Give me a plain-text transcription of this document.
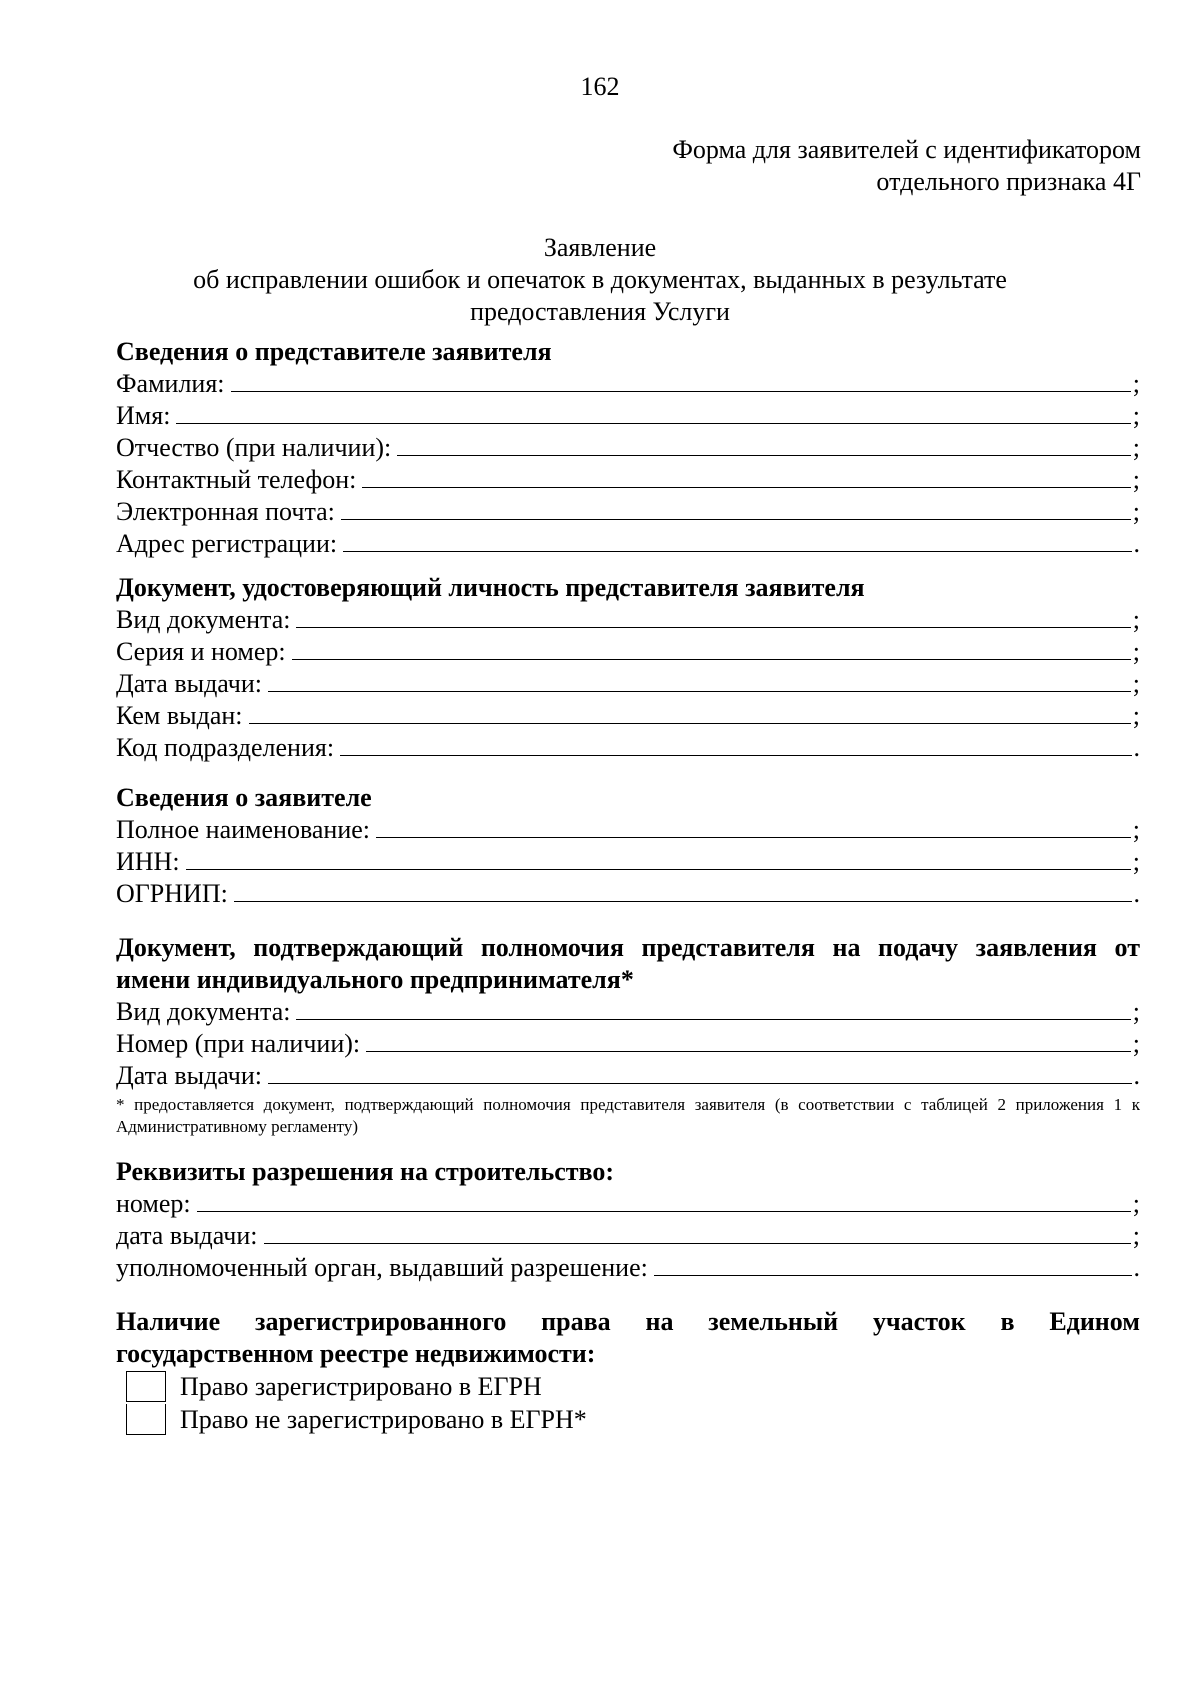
162
Форма для заявителей с идентификатором
отдельного признака 4Г
Заявление
об исправлении ошибок и опечаток в документах, выданных в результате
предоставления Услуги
Сведения о представителе заявителя
Фамилия:	;
Имя:	;
Отчество (при наличии):	;
Контактный телефон:	;
Электронная почта:	;
Адрес регистрации:	.
Документ, удостоверяющий личность представителя заявителя
Вид документа:	;
Серия и номер:	;
Дата выдачи:	;
Кем выдан:	;
Код подразделения:	.
Сведения о заявителе
Полное наименование:	;
ИНН:	;
ОГРНИП:	.
Документ, подтверждающий полномочия представителя на подачу заявления от имени индивидуального предпринимателя*
Вид документа:	;
Номер (при наличии):	;
Дата выдачи:	.
* предоставляется документ, подтверждающий полномочия представителя заявителя (в соответствии с таблицей 2 приложения 1 к Административному регламенту)
Реквизиты разрешения на строительство:
номер:	;
дата выдачи:	;
уполномоченный орган, выдавший разрешение:	.
Наличие зарегистрированного права на земельный участок в Едином государственном реестре недвижимости:
Право зарегистрировано в ЕГРН
Право не зарегистрировано в ЕГРН*
